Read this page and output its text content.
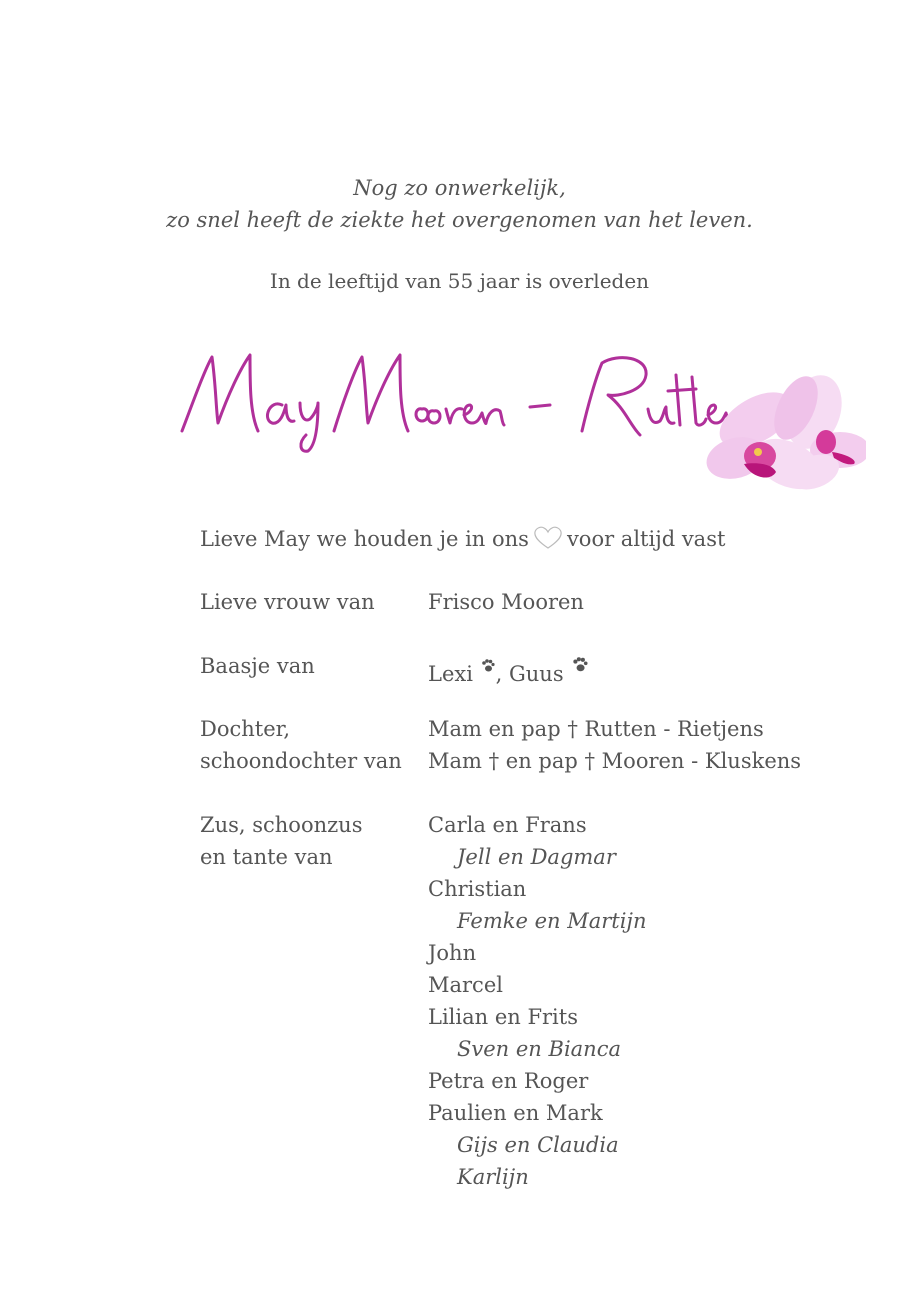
Nog zo onwerkelijk,
zo snel heeft de ziekte het overgenomen van het leven.
In de leeftijd van 55 jaar is overleden
Lieve May we houden je in ons voor altijd vast
Lieve vrouw van	Frisco Mooren
Baasje van	Lexi , Guus
Dochter,
schoondochter van
Mam en pap † Rutten - Rietjens
Mam † en pap † Mooren - Kluskens
Zus, schoonzus
en tante van
Carla en Frans
Jell en Dagmar
Christian
Femke en Martijn
John
Marcel
Lilian en Frits
Sven en Bianca
Petra en Roger
Paulien en Mark
Gijs en Claudia
Karlijn
